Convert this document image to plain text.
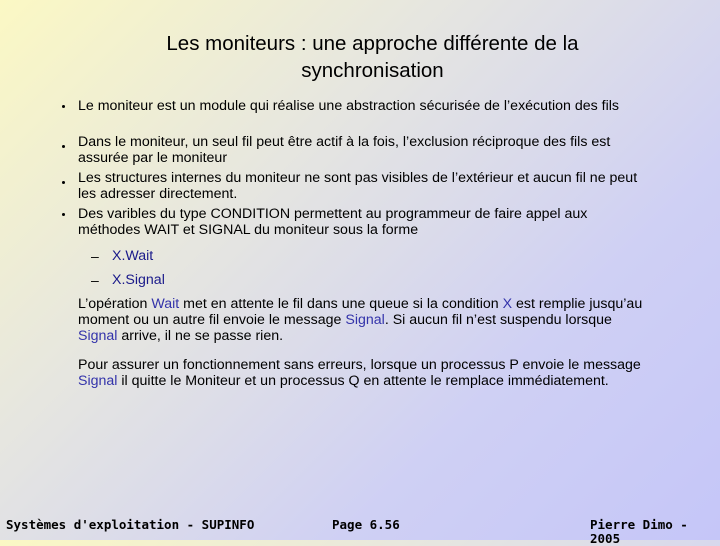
Les moniteurs : une approche différente de la
synchronisation
Le moniteur est un module qui réalise une abstraction sécurisée de l’exécution des fils
Dans le moniteur, un seul fil peut être actif à la fois, l’exclusion réciproque des fils est assurée par le moniteur
Les structures internes du moniteur ne sont pas visibles de l’extérieur et aucun fil ne peut les adresser directement.
Des varibles du type CONDITION permettent au programmeur de faire appel aux méthodes WAIT et SIGNAL du moniteur sous la forme
– X.Wait
– X.Signal
L’opération Wait met en attente le fil dans une queue si la condition X est remplie jusqu’au moment ou un autre fil envoie le message Signal. Si aucun fil n’est suspendu lorsque Signal arrive, il ne se passe rien.
Pour assurer un fonctionnement sans erreurs, lorsque un processus P envoie le message Signal il quitte le Moniteur et un processus Q en attente le remplace immédiatement.
Systèmes d'exploitation - SUPINFO	Page 6.56	Pierre Dimo - 2005
